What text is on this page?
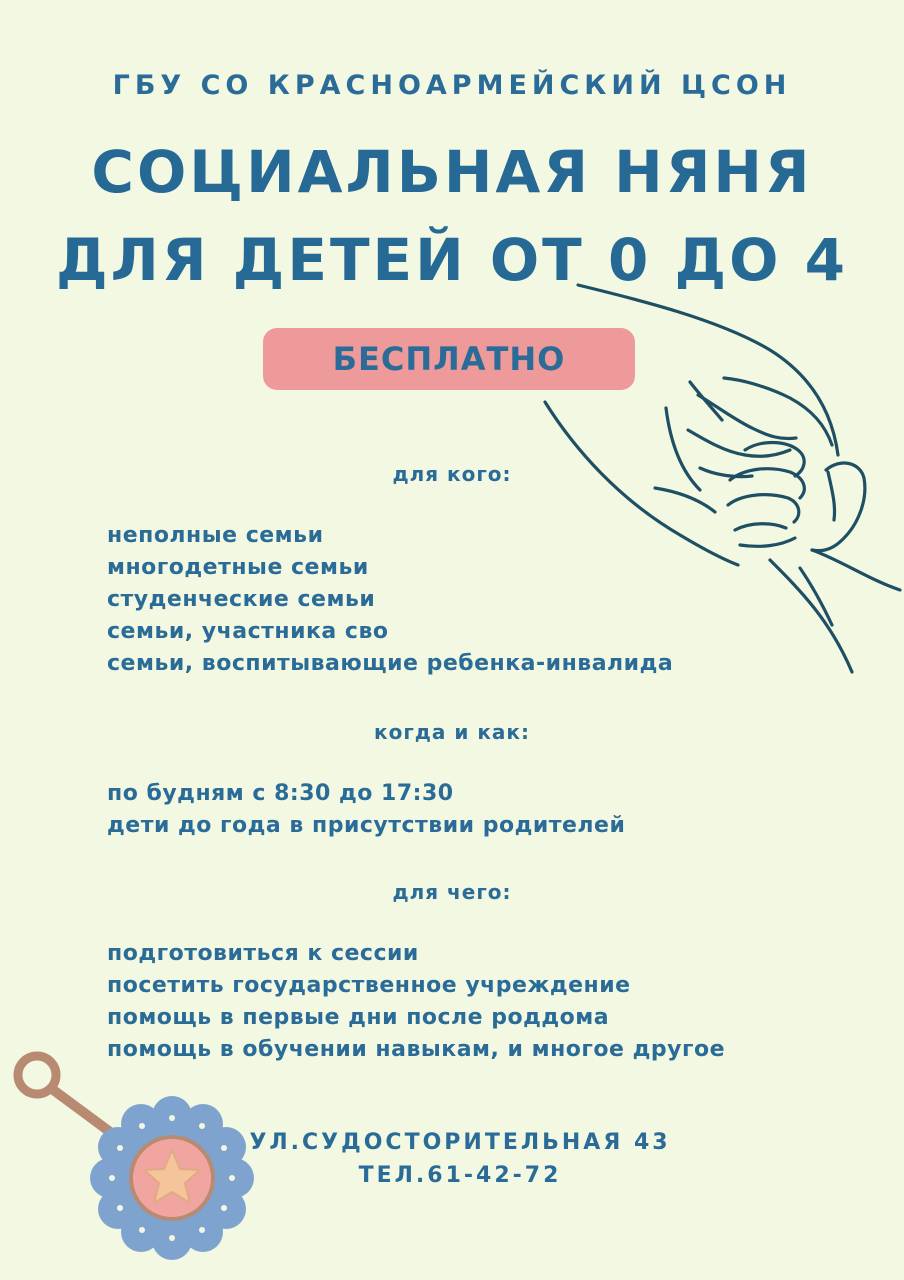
ГБУ СО КРАСНОАРМЕЙСКИЙ ЦСОН
СОЦИАЛЬНАЯ НЯНЯ
ДЛЯ ДЕТЕЙ ОТ 0 ДО 4
БЕСПЛАТНО
для кого:
неполные семьи
многодетные семьи
студенческие семьи
семьи, участника сво
семьи, воспитывающие ребенка-инвалида
когда и как:
по будням с 8:30 до 17:30
дети до года в присутствии родителей
для чего:
подготовиться к сессии
посетить государственное учреждение
помощь в первые дни после роддома
помощь в обучении навыкам, и многое другое
УЛ.СУДОСТОРИТЕЛЬНАЯ 43
ТЕЛ.61-42-72
